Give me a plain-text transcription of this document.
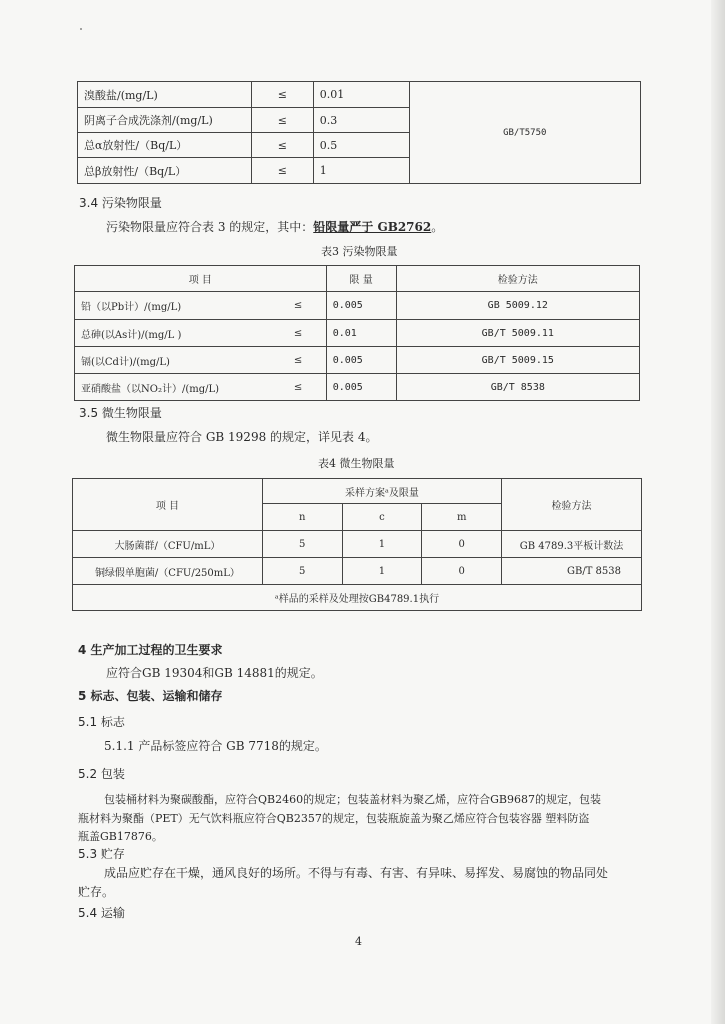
溴酸盐/(mg/L)	≤	0.01	GB/T5750
阴离子合成洗涤剂/(mg/L)	≤	0.3	
总α放射性/（Bq/L）	≤	0.5	
总β放射性/（Bq/L）	≤	1	
3.4 污染物限量
污染物限量应符合表 3 的规定，其中：铅限量严于 GB2762。
表3 污染物限量
项 目		限 量	检验方法
铅（以Pb计）/(mg/L)	≤	0.005	GB 5009.12
总砷(以As计)/(mg/L )	≤	0.01	GB/T 5009.11
镉(以Cd计)/(mg/L)	≤	0.005	GB/T 5009.15
亚硝酸盐（以NO₂计）/(mg/L)	≤	0.005	GB/T 8538
3.5 微生物限量
微生物限量应符合 GB 19298 的规定，详见表 4。
表4 微生物限量
项 目	采样方案ᵃ及限量			检验方法
	n	c	m	
大肠菌群/（CFU/mL）	5	1	0	GB 4789.3平板计数法
铜绿假单胞菌/（CFU/250mL）	5	1	0	GB/T 8538
ᵃ样品的采样及处理按GB4789.1执行				
4 生产加工过程的卫生要求
应符合GB 19304和GB 14881的规定。
5 标志、包装、运输和储存
5.1 标志
5.1.1 产品标签应符合 GB 7718的规定。
5.2 包装
包装桶材料为聚碳酸酯，应符合QB2460的规定；包装盖材料为聚乙烯，应符合GB9687的规定，包装
瓶材料为聚酯（PET）无气饮料瓶应符合QB2357的规定，包装瓶旋盖为聚乙烯应符合包装容器 塑料防盗
瓶盖GB17876。
5.3 贮存
成品应贮存在干燥，通风良好的场所。不得与有毒、有害、有异味、易挥发、易腐蚀的物品同处
贮存。
5.4 运输
4
